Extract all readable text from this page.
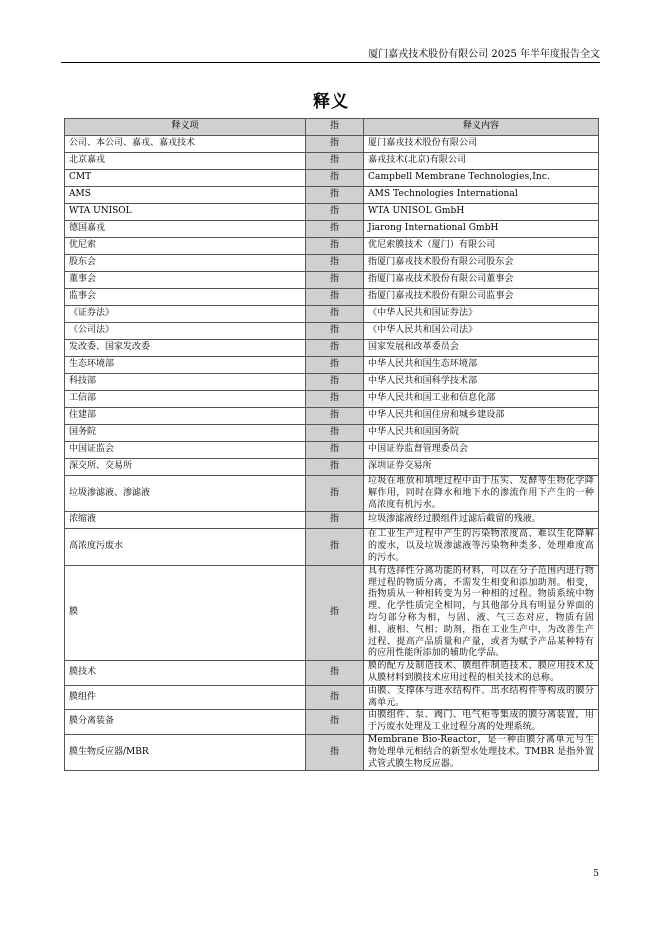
厦门嘉戎技术股份有限公司 2025 年半年度报告全文
释义
释义项	指	释义内容
公司、本公司、嘉戎、嘉戎技术	指	厦门嘉戎技术股份有限公司
北京嘉戎	指	嘉戎技术(北京)有限公司
CMT	指	Campbell Membrane Technologies,Inc.
AMS	指	AMS Technologies International
WTA UNISOL	指	WTA UNISOL GmbH
德国嘉戎	指	Jiarong International GmbH
优尼索	指	优尼索膜技术（厦门）有限公司
股东会	指	指厦门嘉戎技术股份有限公司股东会
董事会	指	指厦门嘉戎技术股份有限公司董事会
监事会	指	指厦门嘉戎技术股份有限公司监事会
《证券法》	指	《中华人民共和国证券法》
《公司法》	指	《中华人民共和国公司法》
发改委、国家发改委	指	国家发展和改革委员会
生态环境部	指	中华人民共和国生态环境部
科技部	指	中华人民共和国科学技术部
工信部	指	中华人民共和国工业和信息化部
住建部	指	中华人民共和国住房和城乡建设部
国务院	指	中华人民共和国国务院
中国证监会	指	中国证券监督管理委员会
深交所、交易所	指	深圳证券交易所
垃圾渗滤液、渗滤液	指	垃圾在堆放和填埋过程中由于压实、发酵等生物化学降解作用，同时在降水和地下水的渗流作用下产生的一种高浓度有机污水。
浓缩液	指	垃圾渗滤液经过膜组件过滤后截留的残液。
高浓度污废水	指	在工业生产过程中产生的污染物浓度高、难以生化降解的废水，以及垃圾渗滤液等污染物种类多、处理难度高的污水。
膜	指	具有选择性分离功能的材料，可以在分子范围内进行物理过程的物质分离，不需发生相变和添加助剂。相变，指物质从一种相转变为另一种相的过程。物质系统中物理、化学性质完全相同，与其他部分具有明显分界面的均匀部分称为相，与固、液、气三态对应，物质有固相、液相、气相；助剂，指在工业生产中，为改善生产过程、提高产品质量和产量，或者为赋予产品某种特有的应用性能所添加的辅助化学品。
膜技术	指	膜的配方及制造技术、膜组件制造技术、膜应用技术及从膜材料到膜技术应用过程的相关技术的总称。
膜组件	指	由膜、支撑体与进水结构件、出水结构件等构成的膜分离单元。
膜分离装备	指	由膜组件、泵、阀门、电气柜等集成的膜分离装置，用于污废水处理及工业过程分离的处理系统。
膜生物反应器/MBR	指	Membrane Bio-Reactor，是一种由膜分离单元与生物处理单元相结合的新型水处理技术。TMBR 是指外置式管式膜生物反应器。
5
